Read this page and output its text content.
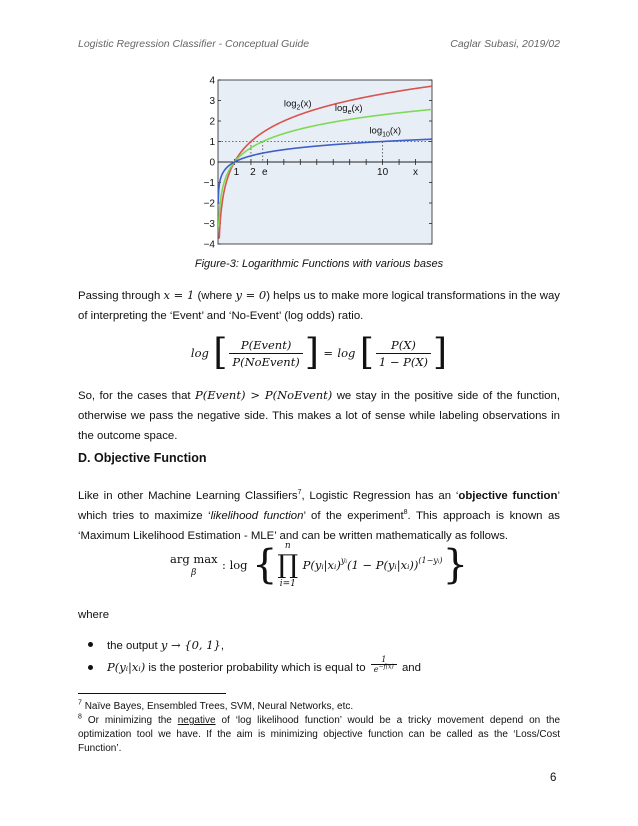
Logistic Regression Classifier - Conceptual Guide	Caglar Subasi, 2019/02
4
3
2
1
0
−1
−2
−3
−4
1 2 e	10 x
$\log_2(x)$ $\log_e(x)$
$\log_{10}(x)$
Figure-3: Logarithmic Functions with various bases
Passing through x = 1 (where y = 0) helps us to make more logical transformations in the way of interpreting the ‘Event’ and ‘No-Event’ (log odds) ratio.
log [ $\frac{\text{P(Event)}}{\text{P(NoEvent)}}$ ] = log [ $\frac{P(X)}{1 - P(X)}$ ]
So, for the cases that P(Event) > P(NoEvent) we stay in the positive side of the function, otherwise we pass the negative side. This makes a lot of sense while labeling observations in the outcome space.
D. Objective Function
Like in other Machine Learning Classifiers$^7$, Logistic Regression has an ‘objective function’ which tries to maximize ‘likelihood function’ of the experiment$^8$. This approach is known as ‘Maximum Likelihood Estimation - MLE’ and can be written mathematically as follows.
arg max
β
: log { n
∏
i=1
P(yᵢ|xᵢ)$^{yᵢ}$(1 − P(yᵢ|xᵢ))$^{(1-yᵢ)}$}
where
the output y → {0, 1},
P(yᵢ|xᵢ) is the posterior probability which is equal to $\frac{1}{e^{-f(x)}}$ and
$^7$ Naïve Bayes, Ensembled Trees, SVM, Neural Networks, etc.
$^8$ Or minimizing the negative of ‘log likelihood function’ would be a tricky movement depend on the optimization tool we have. If the aim is minimizing objective function can be called as the ‘Loss/Cost Function’.
6
